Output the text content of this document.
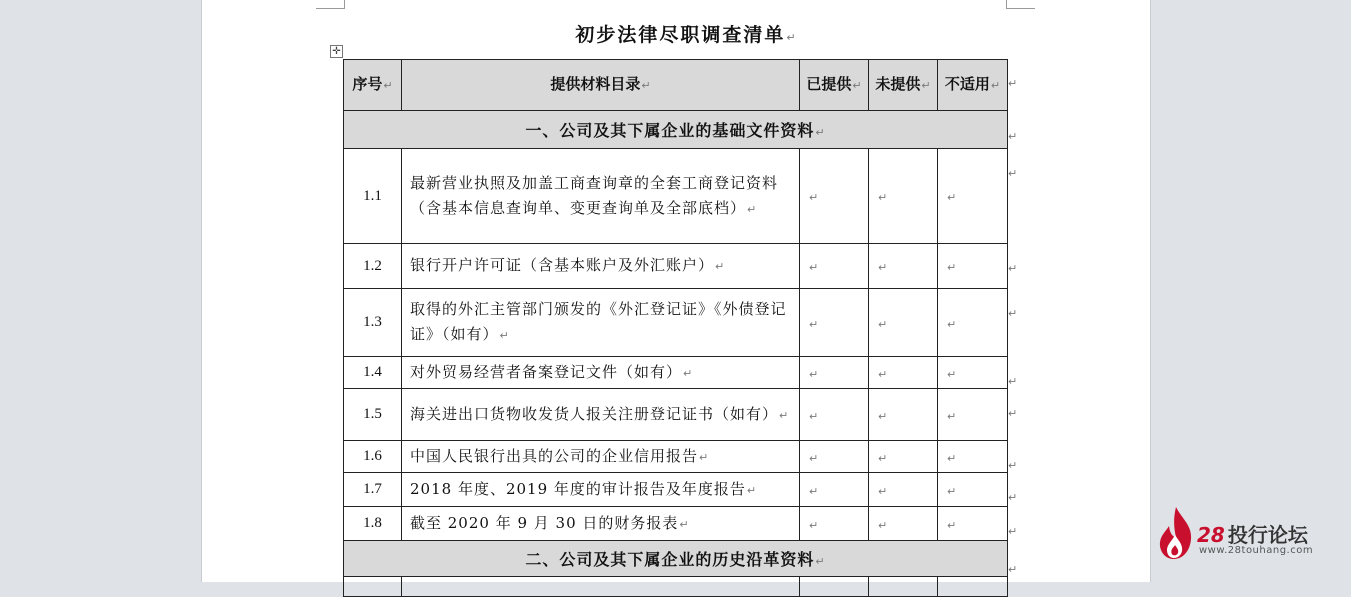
初步法律尽职调查清单↵
✛
序号↵	提供材料目录↵	已提供↵	未提供↵	不适用↵
一、公司及其下属企业的基础文件资料↵				
1.1	最新营业执照及加盖工商查询章的全套工商登记资料（含基本信息查询单、变更查询单及全部底档）↵	↵	↵	↵
1.2	银行开户许可证（含基本账户及外汇账户）↵	↵	↵	↵
1.3	取得的外汇主管部门颁发的《外汇登记证》《外债登记证》（如有）↵	↵	↵	↵
1.4	对外贸易经营者备案登记文件（如有）↵	↵	↵	↵
1.5	海关进出口货物收发货人报关注册登记证书（如有）↵	↵	↵	↵
1.6	中国人民银行出具的公司的企业信用报告↵	↵	↵	↵
1.7	2018 年度、2019 年度的审计报告及年度报告↵	↵	↵	↵
1.8	截至 2020 年 9 月 30 日的财务报表↵	↵	↵	↵
二、公司及其下属企业的历史沿革资料↵				

↵
↵
↵
↵
↵
↵
↵
↵
↵
↵
↵
28 投行论坛
www.28touhang.com
